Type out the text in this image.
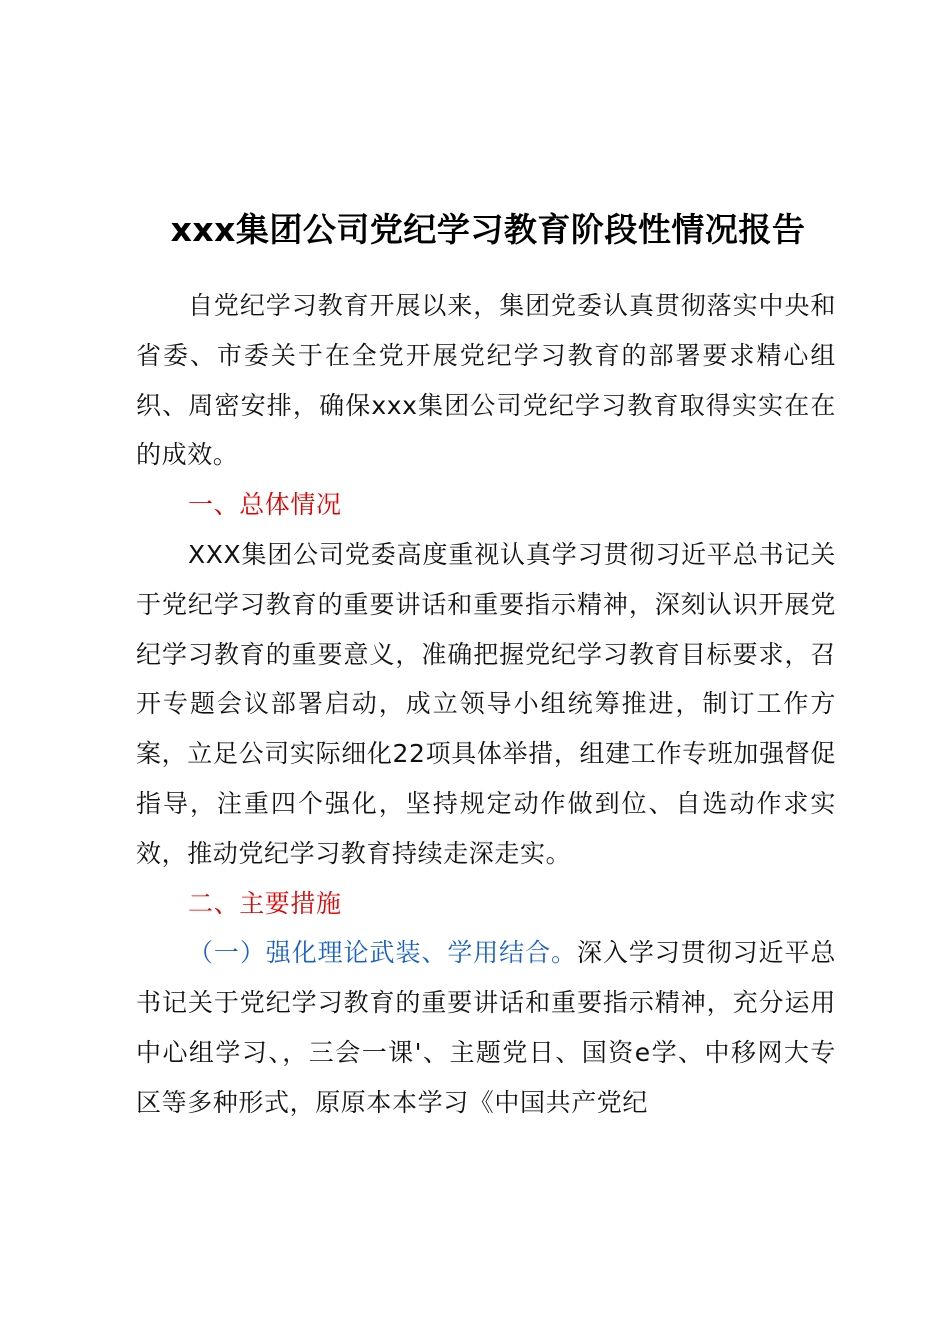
xxx集团公司党纪学习教育阶段性情况报告

自党纪学习教育开展以来，集团党委认真贯彻落实中央和省委、市委关于在全党开展党纪学习教育的部署要求精心组织、周密安排，确保xxx集团公司党纪学习教育取得实实在在的成效。

一、总体情况

XXX集团公司党委高度重视认真学习贯彻习近平总书记关于党纪学习教育的重要讲话和重要指示精神，深刻认识开展党纪学习教育的重要意义，准确把握党纪学习教育目标要求，召开专题会议部署启动，成立领导小组统筹推进，制订工作方案，立足公司实际细化22项具体举措，组建工作专班加强督促指导，注重四个强化，坚持规定动作做到位、自选动作求实效，推动党纪学习教育持续走深走实。

二、主要措施

（一）强化理论武装、学用结合。深入学习贯彻习近平总书记关于党纪学习教育的重要讲话和重要指示精神，充分运用中心组学习、，三会一课'、主题党日、国资e学、中移网大专区等多种形式，原原本本学习《中国共产党纪
